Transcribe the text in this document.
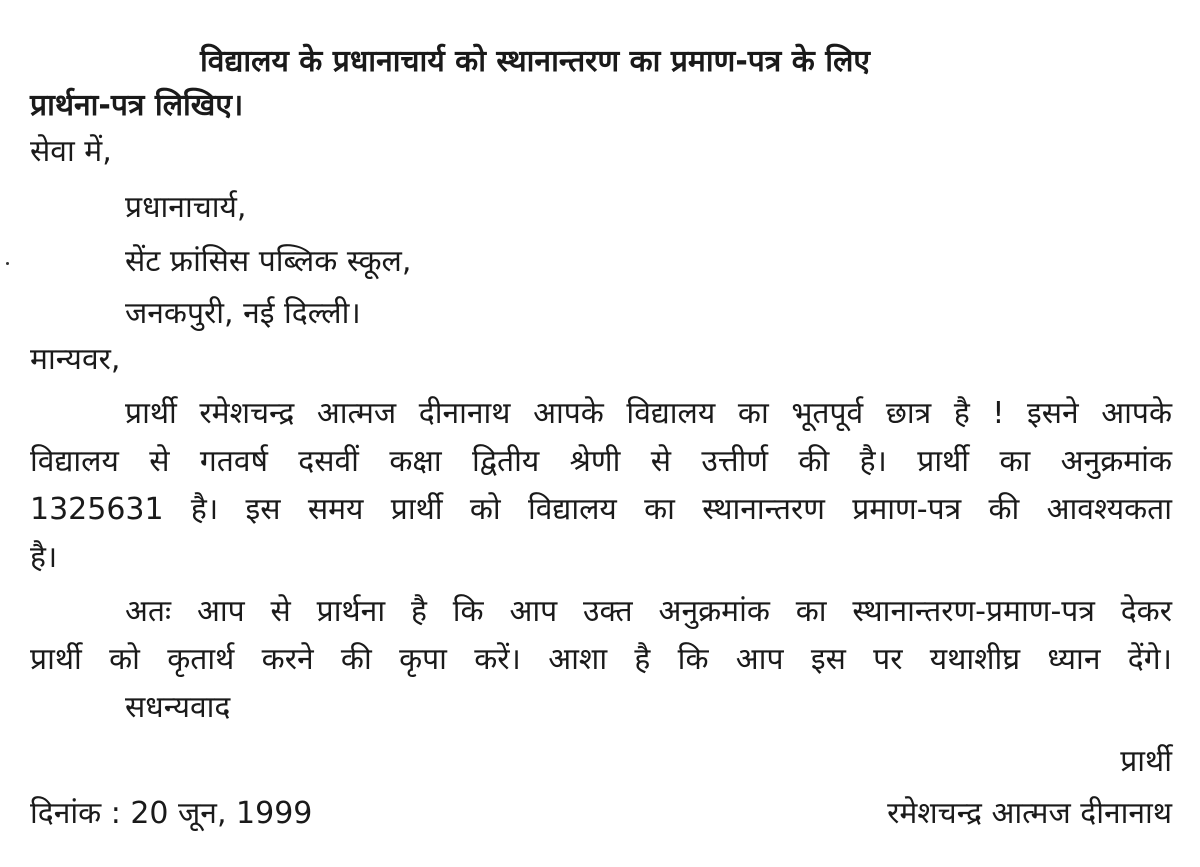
विद्यालय के प्रधानाचार्य को स्थानान्तरण का प्रमाण-पत्र के लिए
प्रार्थना-पत्र लिखिए।
सेवा में,
प्रधानाचार्य,
सेंट फ्रांसिस पब्लिक स्कूल,
जनकपुरी, नई दिल्ली।
मान्यवर,
प्रार्थी रमेशचन्द्र आत्मज दीनानाथ आपके विद्यालय का भूतपूर्व छात्र है ! इसने आपके
विद्यालय से गतवर्ष दसवीं कक्षा द्वितीय श्रेणी से उत्तीर्ण की है। प्रार्थी का अनुक्रमांक
1325631 है। इस समय प्रार्थी को विद्यालय का स्थानान्तरण प्रमाण-पत्र की आवश्यकता
है।
अतः आप से प्रार्थना है कि आप उक्त अनुक्रमांक का स्थानान्तरण-प्रमाण-पत्र देकर
प्रार्थी को कृतार्थ करने की कृपा करें। आशा है कि आप इस पर यथाशीघ्र ध्यान देंगे।
सधन्यवाद
प्रार्थी
दिनांक : 20 जून, 1999	रमेशचन्द्र आत्मज दीनानाथ
